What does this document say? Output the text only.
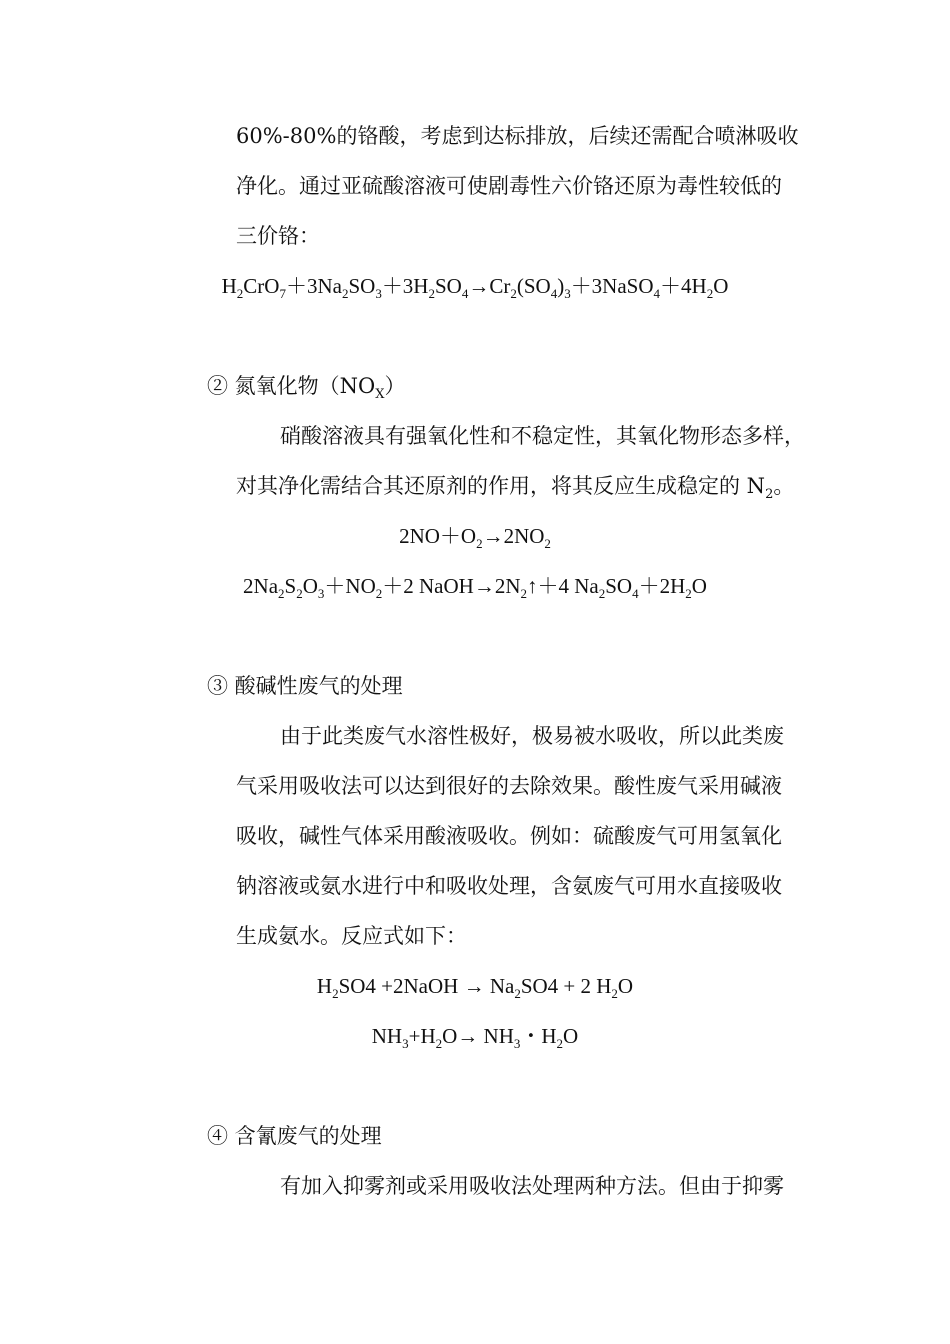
60%-80%的铬酸，考虑到达标排放，后续还需配合喷淋吸收
净化。通过亚硫酸溶液可使剧毒性六价铬还原为毒性较低的
三价铬：
$H_2CrO_7+3Na_2SO_3+3H_2SO_4\to Cr_2(SO_4)_3+3NaSO_4+4H_2O$
② 氮氧化物$(NO_X)$
硝酸溶液具有强氧化性和不稳定性，其氧化物形态多样，
对其净化需结合其还原剂的作用，将其反应生成稳定的 $N_2$。
$2NO+O_2\to 2NO_2$
$2Na_2S_2O_3+NO_2+2$ $NaOH\to 2N_2↑+4$ $Na_2SO_4+2H_2O$
③ 酸碱性废气的处理
由于此类废气水溶性极好，极易被水吸收，所以此类废
气采用吸收法可以达到很好的去除效果。酸性废气采用碱液
吸收，碱性气体采用酸液吸收。例如：硫酸废气可用氢氧化
钠溶液或氨水进行中和吸收处理，含氨废气可用水直接吸收
生成氨水。反应式如下：
$H_2SO4$ +2NaOH → $Na_2SO4 + 2$ $H_2O$
$NH_3+H_2O\to NH_3$・$H_2O$
④ 含氰废气的处理
有加入抑雾剂或采用吸收法处理两种方法。但由于抑雾
